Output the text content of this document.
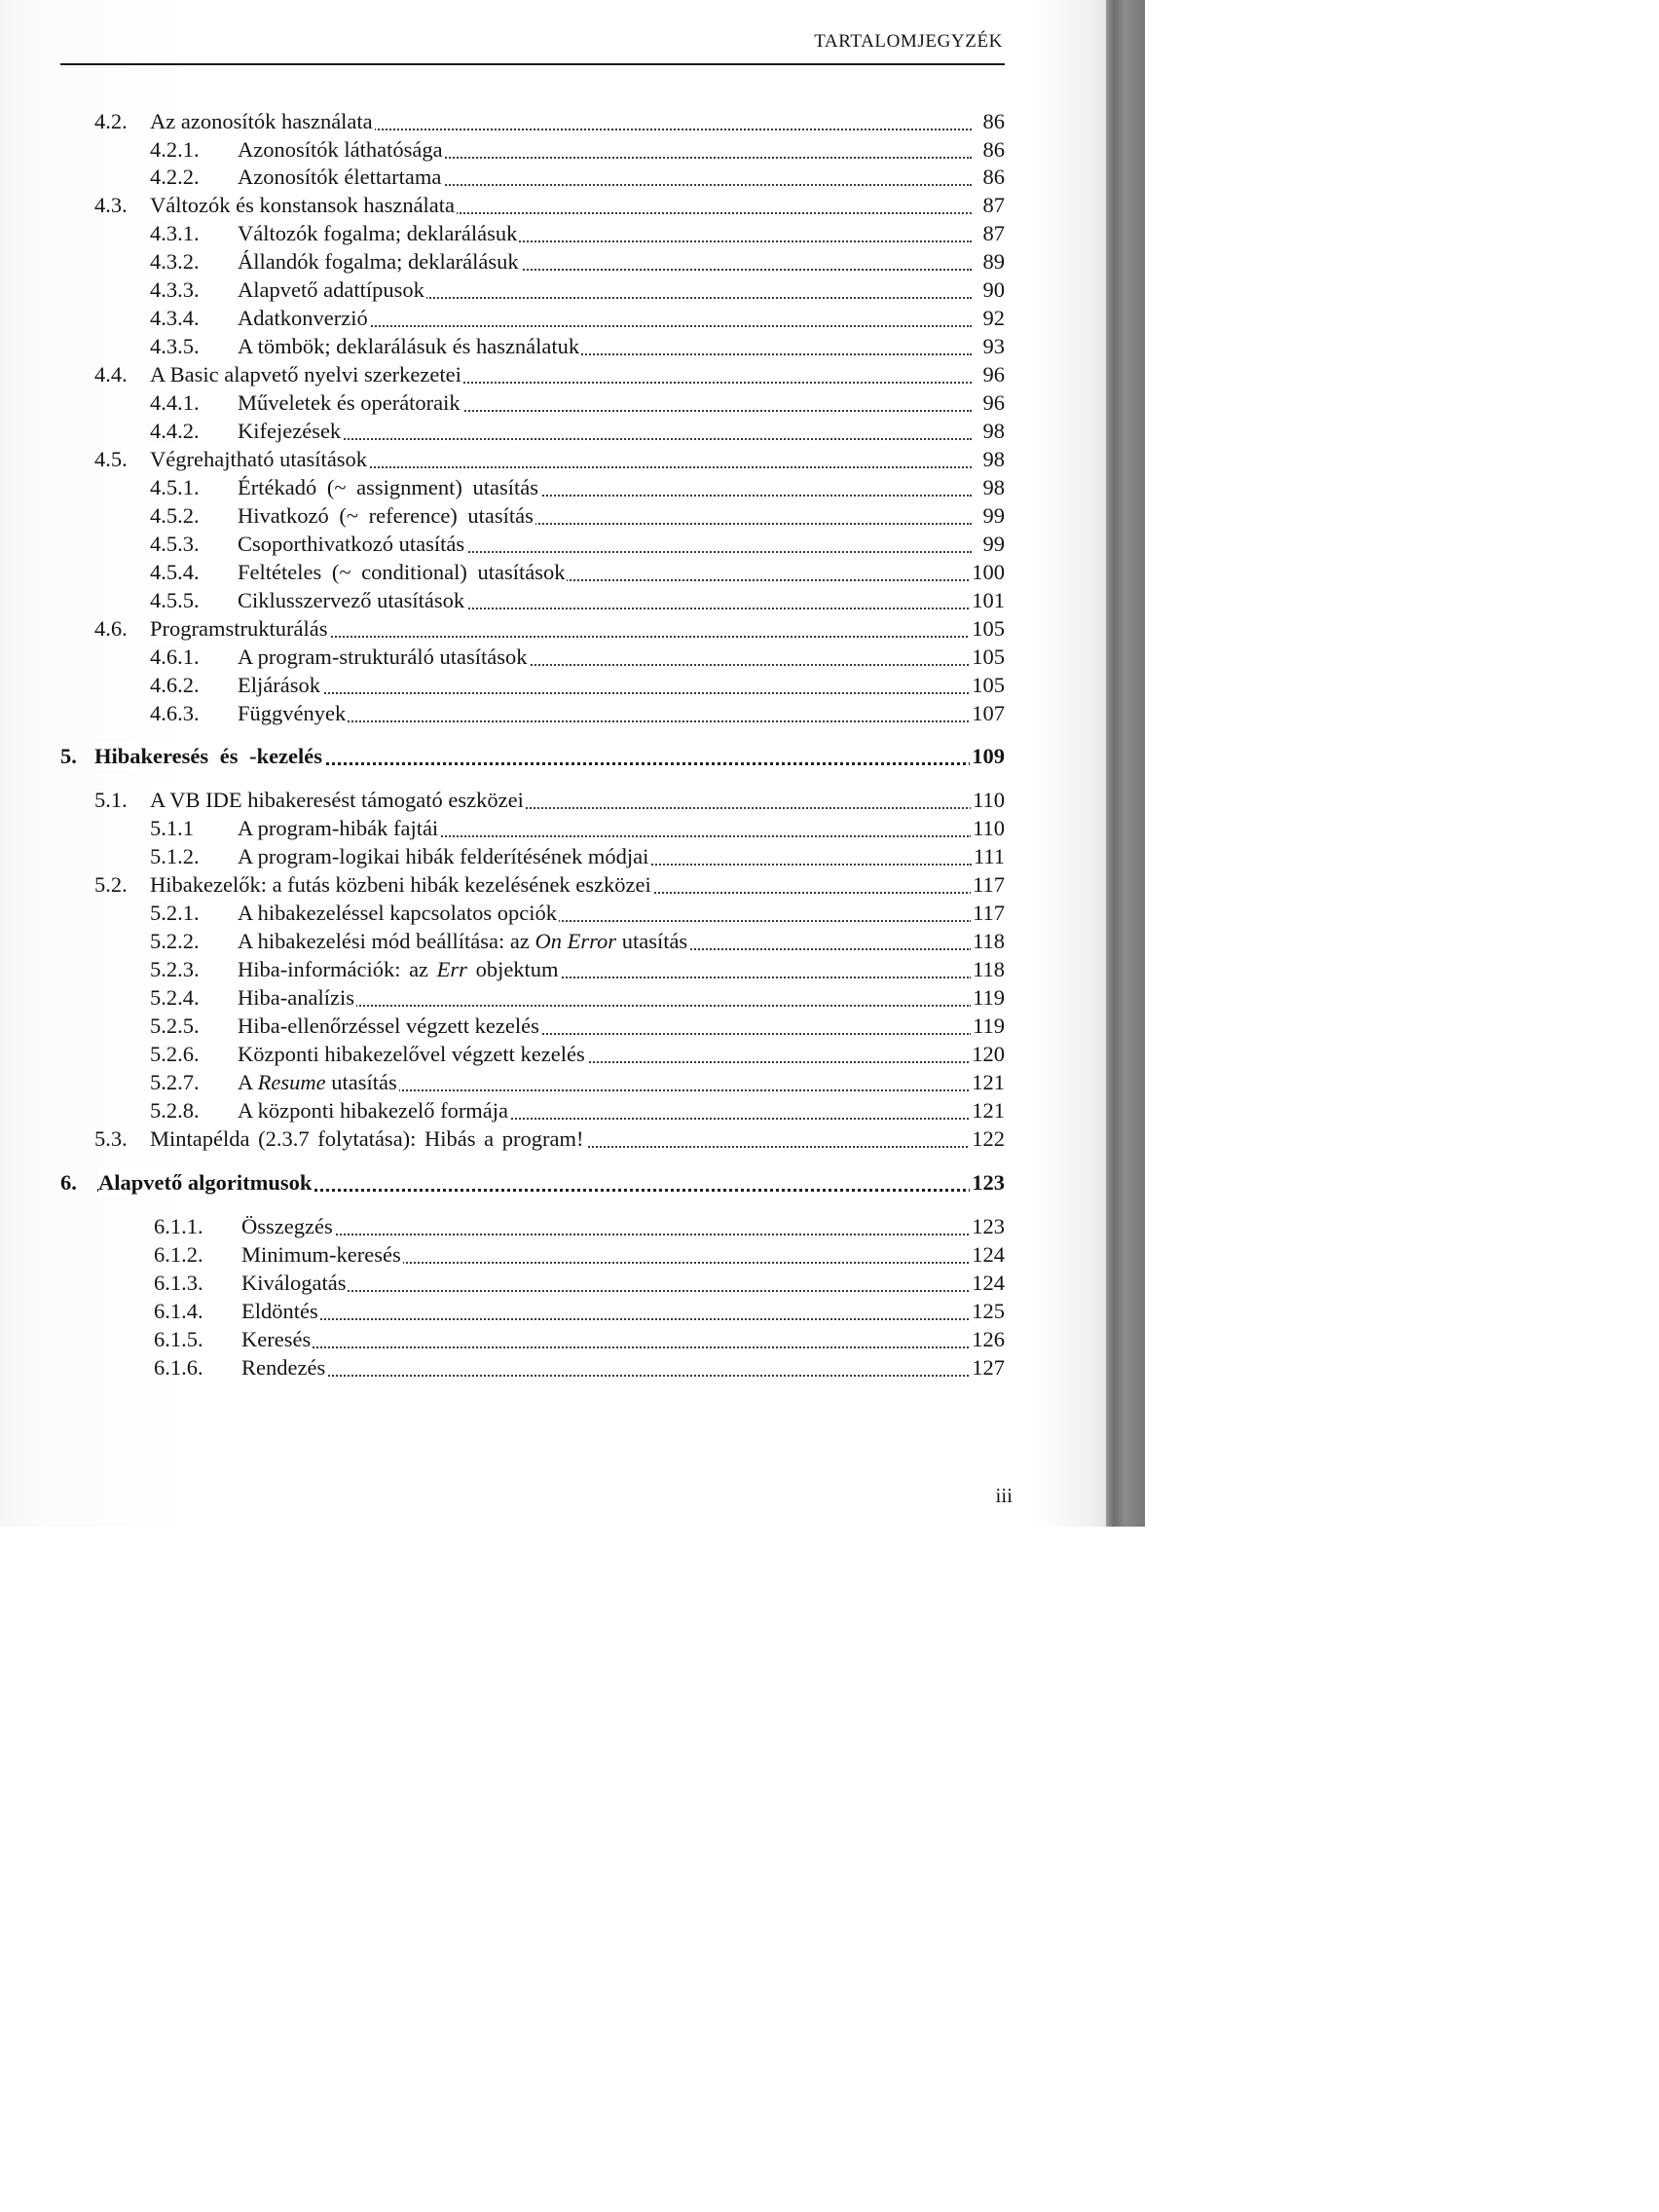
TARTALOMJEGYZÉK
4.2. Az azonosítók használata	86
4.2.1. Azonosítók láthatósága	86
4.2.2. Azonosítók élettartama	86
4.3. Változók és konstansok használata	87
4.3.1. Változók fogalma; deklarálásuk	87
4.3.2. Állandók fogalma; deklarálásuk	89
4.3.3. Alapvető adattípusok	90
4.3.4. Adatkonverzió	92
4.3.5. A tömbök; deklarálásuk és használatuk	93
4.4. A Basic alapvető nyelvi szerkezetei	96
4.4.1. Műveletek és operátoraik	96
4.4.2. Kifejezések	98
4.5. Végrehajtható utasítások	98
4.5.1. Értékadó (~ assignment) utasítás	98
4.5.2. Hivatkozó (~ reference) utasítás	99
4.5.3. Csoporthivatkozó utasítás	99
4.5.4. Feltételes (~ conditional) utasítások	100
4.5.5. Ciklusszervező utasítások	101
4.6. Programstrukturálás	105
4.6.1. A program-strukturáló utasítások	105
4.6.2. Eljárások	105
4.6.3. Függvények	107
5. Hibakeresés és -kezelés	109
5.1. A VB IDE hibakeresést támogató eszközei	110
5.1.1 A program-hibák fajtái	110
5.1.2. A program-logikai hibák felderítésének módjai	111
5.2. Hibakezelők: a futás közbeni hibák kezelésének eszközei	117
5.2.1. A hibakezeléssel kapcsolatos opciók	117
5.2.2. A hibakezelési mód beállítása: az On Error utasítás	118
5.2.3. Hiba-információk: az Err objektum	118
5.2.4. Hiba-analízis	119
5.2.5. Hiba-ellenőrzéssel végzett kezelés	119
5.2.6. Központi hibakezelővel végzett kezelés	120
5.2.7. A Resume utasítás	121
5.2.8. A központi hibakezelő formája	121
5.3. Mintapélda (2.3.7 folytatása): Hibás a program!	122
6. Alapvető algoritmusok	123
6.1.1. Összegzés	123
6.1.2. Minimum-keresés	124
6.1.3. Kiválogatás	124
6.1.4. Eldöntés	125
6.1.5. Keresés	126
6.1.6. Rendezés	127
iii
